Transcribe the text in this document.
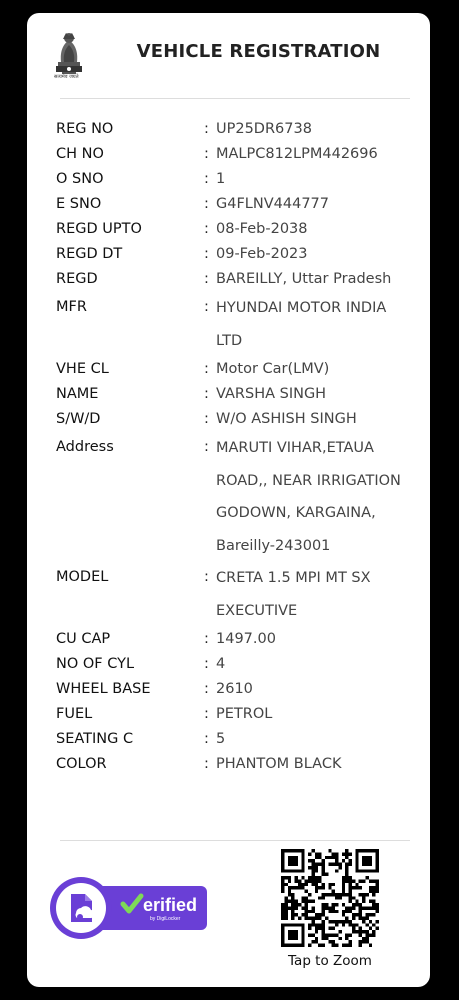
सत्यमेव जयते
VEHICLE REGISTRATION
REG NO	: UP25DR6738
CH NO	: MALPC812LPM442696
O SNO	: 1
E SNO	: G4FLNV444777
REGD UPTO	: 08-Feb-2038
REGD DT	: 09-Feb-2023
REGD	: BAREILLY, Uttar Pradesh
MFR	: HYUNDAI MOTOR INDIA
LTD
VHE CL	: Motor Car(LMV)
NAME	: VARSHA SINGH
S/W/D	: W/O ASHISH SINGH
Address	: MARUTI VIHAR,ETAUA
ROAD,, NEAR IRRIGATION
GODOWN, KARGAINA,
Bareilly-243001
MODEL	: CRETA 1.5 MPI MT SX
EXECUTIVE
CU CAP	: 1497.00
NO OF CYL	: 4
WHEEL BASE	: 2610
FUEL	: PETROL
SEATING C	: 5
COLOR	: PHANTOM BLACK
erified
by DigiLocker
Tap to Zoom
